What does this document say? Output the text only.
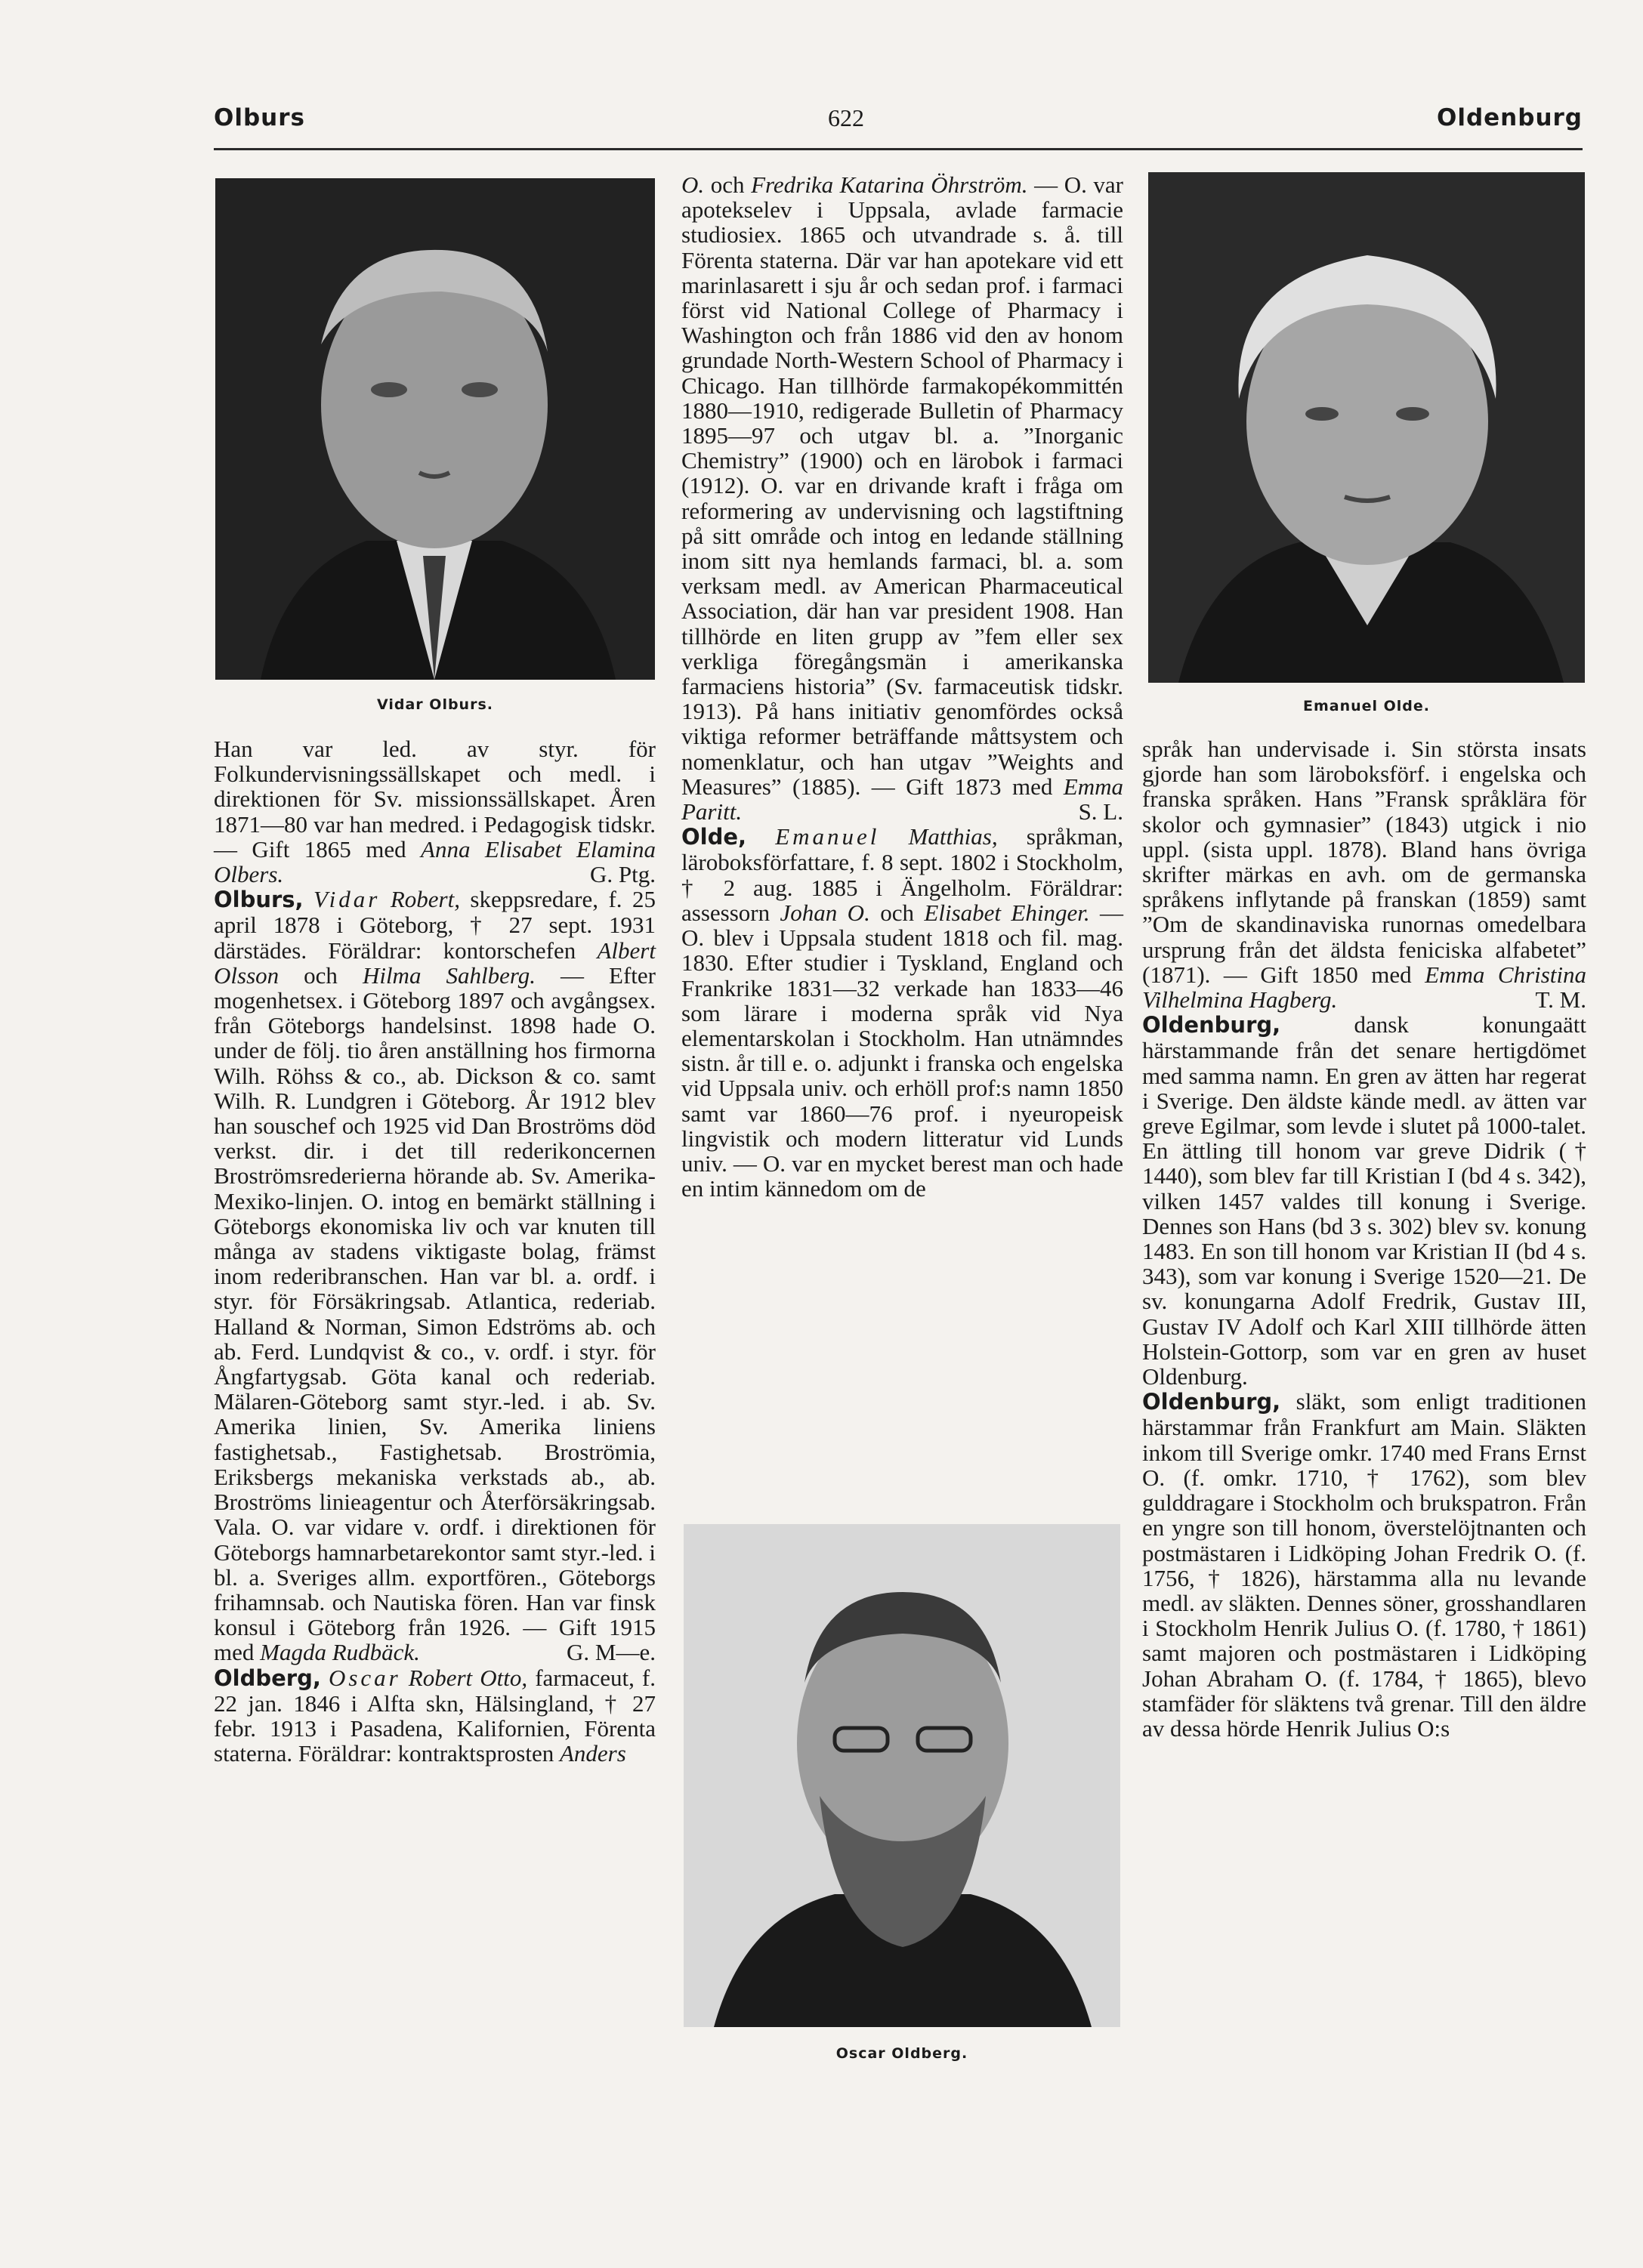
Olburs	622	Oldenburg
Vidar Olburs.	Emanuel Olde.
Oscar Oldberg.

Han var led. av styr. för Folkundervisningssällskapet och medl. i direktionen för Sv. missionssällskapet. Åren 1871—80 var han medred. i Pedagogisk tidskr. — Gift 1865 med Anna Elisabet Elamina Olbers.	G. Ptg.

Olburs, Vidar Robert, skeppsredare, f. 25 april 1878 i Göteborg, † 27 sept. 1931 därstädes. Föräldrar: kontorschefen Albert Olsson och Hilma Sahlberg. — Efter mogenhetsex. i Göteborg 1897 och avgångsex. från Göteborgs handelsinst. 1898 hade O. under de följ. tio åren anställning hos firmorna Wilh. Röhss & co., ab. Dickson & co. samt Wilh. R. Lundgren i Göteborg. År 1912 blev han souschef och 1925 vid Dan Broströms död verkst. dir. i det till rederikoncernen Broströmsrederierna hörande ab. Sv. Amerika-Mexiko-linjen. O. intog en bemärkt ställning i Göteborgs ekonomiska liv och var knuten till många av stadens viktigaste bolag, främst inom rederibranschen. Han var bl. a. ordf. i styr. för Försäkringsab. Atlantica, rederiab. Halland & Norman, Simon Edströms ab. och ab. Ferd. Lundqvist & co., v. ordf. i styr. för Ångfartygsab. Göta kanal och rederiab. Mälaren-Göteborg samt styr.-led. i ab. Sv. Amerika linien, Sv. Amerika liniens fastighetsab., Fastighetsab. Broströmia, Eriksbergs mekaniska verkstads ab., ab. Broströms linieagentur och Återförsäkringsab. Vala. O. var vidare v. ordf. i direktionen för Göteborgs hamnarbetarekontor samt styr.-led. i bl. a. Sveriges allm. exportfören., Göteborgs frihamnsab. och Nautiska fören. Han var finsk konsul i Göteborg från 1926. — Gift 1915 med Magda Rudbäck.	G. M—e.

Oldberg, Oscar Robert Otto, farmaceut, f. 22 jan. 1846 i Alfta skn, Hälsingland, † 27 febr. 1913 i Pasadena, Kalifornien, Förenta staterna. Föräldrar: kontraktsprosten Anders

O. och Fredrika Katarina Öhrström. — O. var apotekselev i Uppsala, avlade farmacie studiosiex. 1865 och utvandrade s. å. till Förenta staterna. Där var han apotekare vid ett marinlasarett i sju år och sedan prof. i farmaci först vid National College of Pharmacy i Washington och från 1886 vid den av honom grundade North-Western School of Pharmacy i Chicago. Han tillhörde farmakopékommittén 1880—1910, redigerade Bulletin of Pharmacy 1895—97 och utgav bl. a. ”Inorganic Chemistry” (1900) och en lärobok i farmaci (1912). O. var en drivande kraft i fråga om reformering av undervisning och lagstiftning på sitt område och intog en ledande ställning inom sitt nya hemlands farmaci, bl. a. som verksam medl. av American Pharmaceutical Association, där han var president 1908. Han tillhörde en liten grupp av ”fem eller sex verkliga föregångsmän i amerikanska farmaciens historia” (Sv. farmaceutisk tidskr. 1913). På hans initiativ genomfördes också viktiga reformer beträffande måttsystem och nomenklatur, och han utgav ”Weights and Measures” (1885). — Gift 1873 med Emma Paritt.	S. L.

Olde, Emanuel Matthias, språkman, läroboksförfattare, f. 8 sept. 1802 i Stockholm, † 2 aug. 1885 i Ängelholm. Föräldrar: assessorn Johan O. och Elisabet Ehinger. — O. blev i Uppsala student 1818 och fil. mag. 1830. Efter studier i Tyskland, England och Frankrike 1831—32 verkade han 1833—46 som lärare i moderna språk vid Nya elementarskolan i Stockholm. Han utnämndes sistn. år till e. o. adjunkt i franska och engelska vid Uppsala univ. och erhöll prof:s namn 1850 samt var 1860—76 prof. i nyeuropeisk lingvistik och modern litteratur vid Lunds univ. — O. var en mycket berest man och hade en intim kännedom om de

språk han undervisade i. Sin största insats gjorde han som läroboksförf. i engelska och franska språken. Hans ”Fransk språklära för skolor och gymnasier” (1843) utgick i nio uppl. (sista uppl. 1878). Bland hans övriga skrifter märkas en avh. om de germanska språkens inflytande på franskan (1859) samt ”Om de skandinaviska runornas omedelbara ursprung från det äldsta feniciska alfabetet” (1871). — Gift 1850 med Emma Christina Vilhelmina Hagberg.	T. M.

Oldenburg,	dansk konungaätt härstammande från det senare hertigdömet med samma namn. En gren av ätten har regerat i Sverige. Den äldste kände medl. av ätten var greve Egilmar, som levde i slutet på 1000-talet. En ättling till honom var greve Didrik († 1440), som blev far till Kristian I (bd 4 s. 342), vilken 1457 valdes till konung i Sverige. Dennes son Hans (bd 3 s. 302) blev sv. konung 1483. En son till honom var Kristian II (bd 4 s. 343), som var konung i Sverige 1520—21. De sv. konungarna Adolf Fredrik, Gustav III, Gustav IV Adolf och Karl XIII tillhörde ätten Holstein-Gottorp, som var en gren av huset Oldenburg.

Oldenburg, släkt, som enligt traditionen härstammar från Frankfurt am Main. Släkten inkom till Sverige omkr. 1740 med Frans Ernst O. (f. omkr. 1710, † 1762), som blev gulddragare i Stockholm och brukspatron. Från en yngre son till honom, överstelöjtnanten och postmästaren i Lidköping Johan Fredrik O. (f. 1756, † 1826), härstamma alla nu levande medl. av släkten. Dennes söner, grosshandlaren i Stockholm Henrik Julius O. (f. 1780, † 1861) samt majoren och postmästaren i Lidköping Johan Abraham O. (f. 1784, † 1865), blevo stamfäder för släktens två grenar. Till den äldre av dessa hörde Henrik Julius O:s
